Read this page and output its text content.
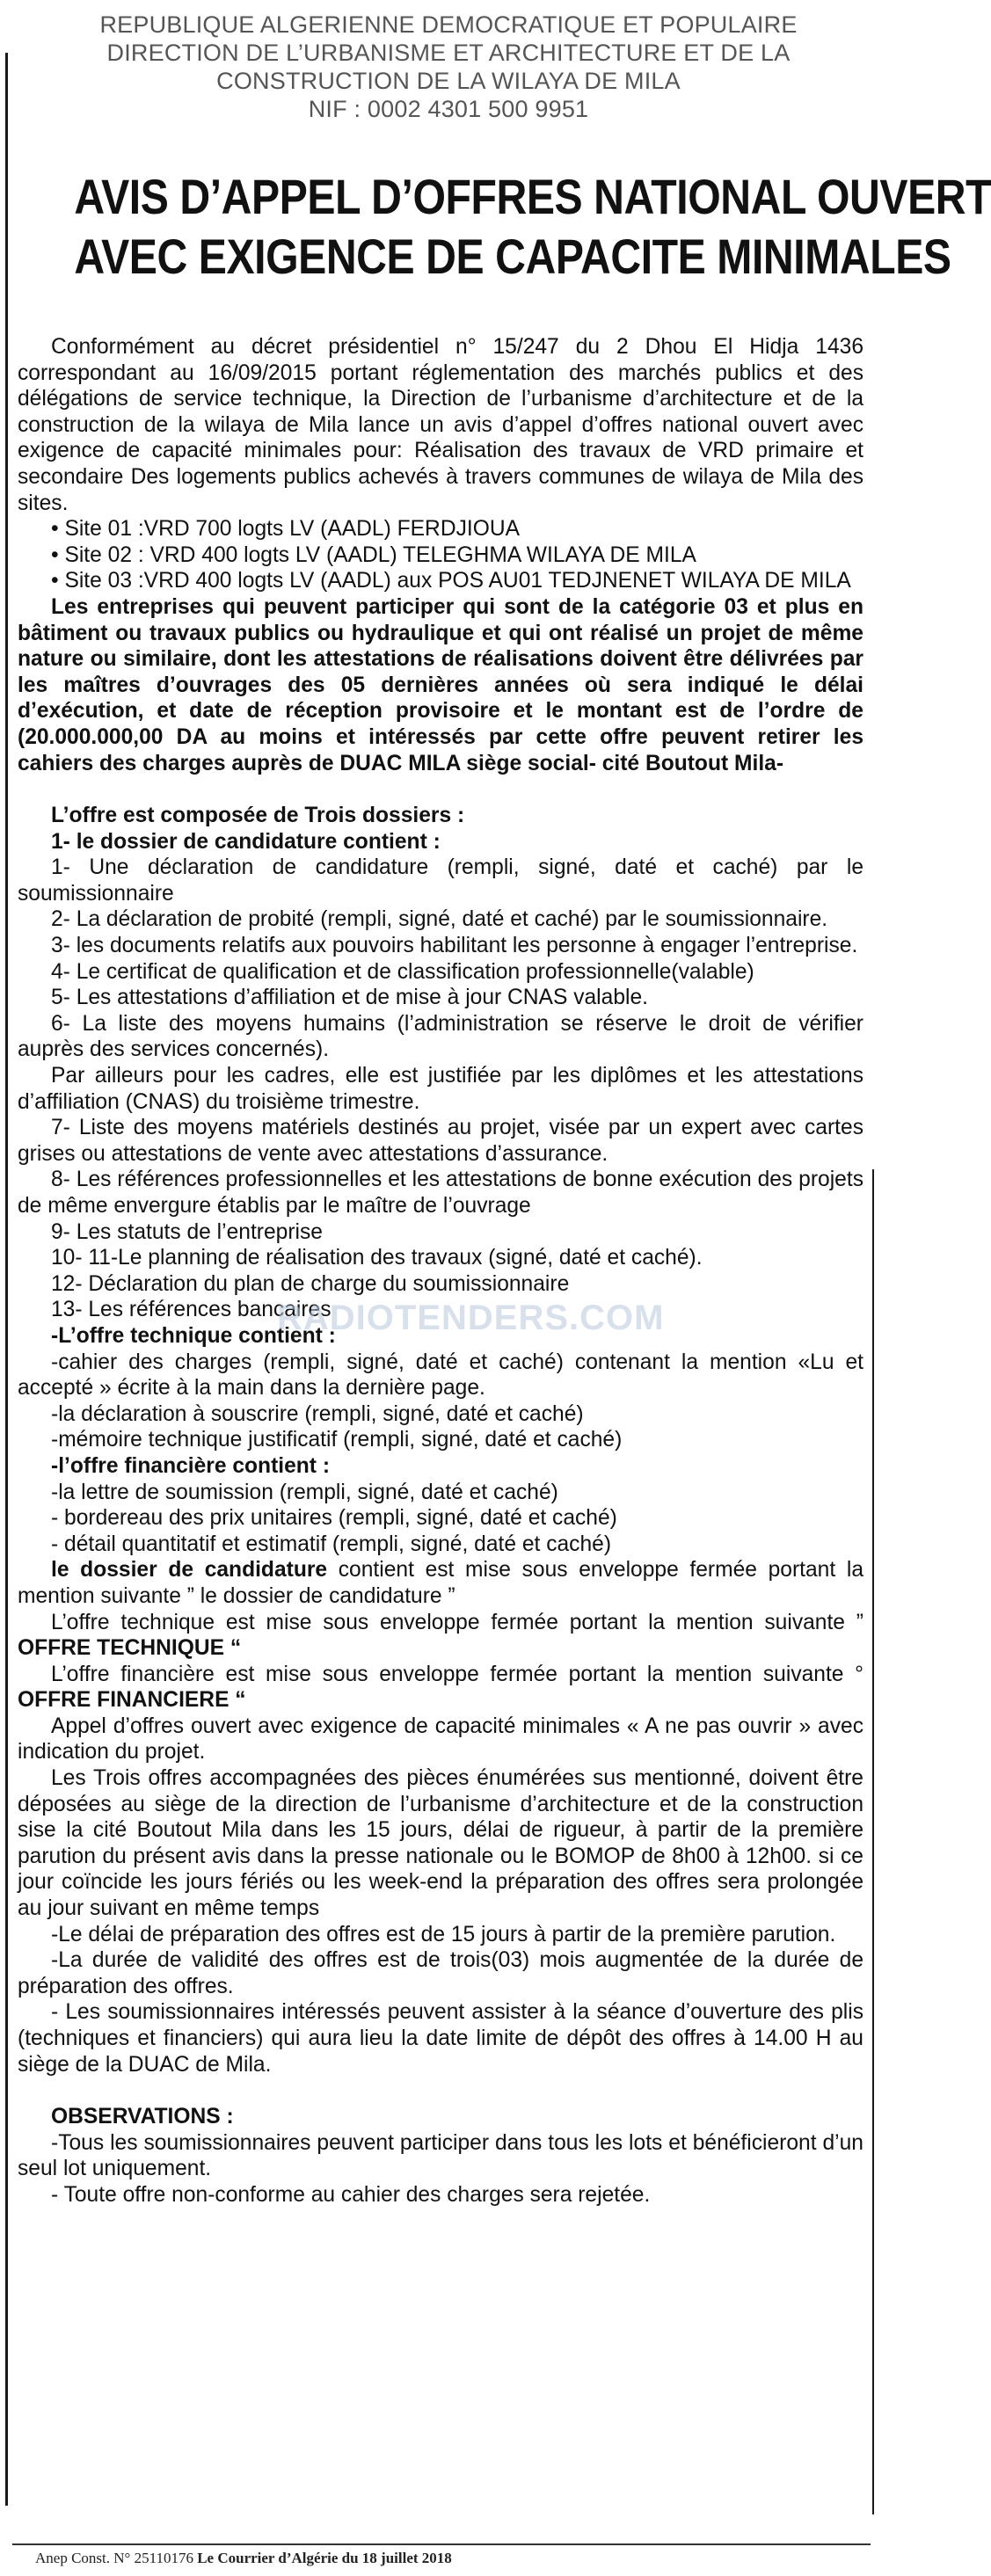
REPUBLIQUE ALGERIENNE DEMOCRATIQUE ET POPULAIRE
DIRECTION DE L’URBANISME ET ARCHITECTURE ET DE LA
CONSTRUCTION DE LA WILAYA DE MILA
NIF : 0002 4301 500 9951
AVIS D’APPEL D’OFFRES NATIONAL OUVERT
AVEC EXIGENCE DE CAPACITE MINIMALES

Conformément au décret présidentiel n° 15/247 du 2 Dhou El Hidja 1436 correspondant au 16/09/2015 portant réglementation des marchés publics et des délégations de service technique, la Direction de l’urbanisme d’architecture et de la construction de la wilaya de Mila lance un avis d’appel d’offres national ouvert avec exigence de capacité minimales pour: Réalisation des travaux de VRD primaire et secondaire Des logements publics achevés à travers communes de wilaya de Mila des sites.

• Site 01 :VRD 700 logts LV (AADL) FERDJIOUA

• Site 02 : VRD 400 logts LV (AADL) TELEGHMA WILAYA DE MILA

• Site 03 :VRD 400 logts LV (AADL) aux POS AU01 TEDJNENET WILAYA DE MILA

Les entreprises qui peuvent participer qui sont de la catégorie 03 et plus en bâtiment ou travaux publics ou hydraulique et qui ont réalisé un projet de même nature ou similaire, dont les attestations de réalisations doivent être délivrées par les maîtres d’ouvrages des 05 dernières années où sera indiqué le délai d’exécution, et date de réception provisoire et le montant est de l’ordre de (20.000.000,00 DA au moins et intéressés par cette offre peuvent retirer les cahiers des charges auprès de DUAC MILA siège social- cité Boutout Mila-

L’offre est composée de Trois dossiers :

1- le dossier de candidature contient :

1- Une déclaration de candidature (rempli, signé, daté et caché) par le soumissionnaire

2- La déclaration de probité (rempli, signé, daté et caché) par le soumissionnaire.

3- les documents relatifs aux pouvoirs habilitant les personne à engager l’entreprise.

4- Le certificat de qualification et de classification professionnelle(valable)

5- Les attestations d’affiliation et de mise à jour CNAS valable.

6- La liste des moyens humains (l’administration se réserve le droit de vérifier auprès des services concernés).

Par ailleurs pour les cadres, elle est justifiée par les diplômes et les attestations d’affiliation (CNAS) du troisième trimestre.

7- Liste des moyens matériels destinés au projet, visée par un expert avec cartes grises ou attestations de vente avec attestations d’assurance.

8- Les références professionnelles et les attestations de bonne exécution des projets de même envergure établis par le maître de l’ouvrage

9- Les statuts de l’entreprise

10- 11-Le planning de réalisation des travaux (signé, daté et caché).

12- Déclaration du plan de charge du soumissionnaire

13- Les références bancaires

-L’offre technique contient :

-cahier des charges (rempli, signé, daté et caché) contenant la mention «Lu et accepté » écrite à la main dans la dernière page.

-la déclaration à souscrire (rempli, signé, daté et caché)

-mémoire technique justificatif (rempli, signé, daté et caché)

-l’offre financière contient :

-la lettre de soumission (rempli, signé, daté et caché)

- bordereau des prix unitaires (rempli, signé, daté et caché)

- détail quantitatif et estimatif (rempli, signé, daté et caché)

le dossier de candidature contient est mise sous enveloppe fermée portant la mention suivante ” le dossier de candidature ”

L’offre technique est mise sous enveloppe fermée portant la mention suivante ” OFFRE TECHNIQUE “

L’offre financière est mise sous enveloppe fermée portant la mention suivante ° OFFRE FINANCIERE “

Appel d’offres ouvert avec exigence de capacité minimales « A ne pas ouvrir » avec indication du projet.

Les Trois offres accompagnées des pièces énumérées sus mentionné, doivent être déposées au siège de la direction de l’urbanisme d’architecture et de la construction sise la cité Boutout Mila dans les 15 jours, délai de rigueur, à partir de la première parution du présent avis dans la presse nationale ou le BOMOP de 8h00 à 12h00. si ce jour coïncide les jours fériés ou les week-end la préparation des offres sera prolongée au jour suivant en même temps

-Le délai de préparation des offres est de 15 jours à partir de la première parution.

-La durée de validité des offres est de trois(03) mois augmentée de la durée de préparation des offres.

- Les soumissionnaires intéressés peuvent assister à la séance d’ouverture des plis (techniques et financiers) qui aura lieu la date limite de dépôt des offres à 14.00 H au siège de la DUAC de Mila.

OBSERVATIONS :

-Tous les soumissionnaires peuvent participer dans tous les lots et bénéficieront d’un seul lot uniquement.

- Toute offre non-conforme au cahier des charges sera rejetée.

RADIOTENDERS.COM
Anep Const. N° 25110176 Le Courrier d’Algérie du 18 juillet 2018
